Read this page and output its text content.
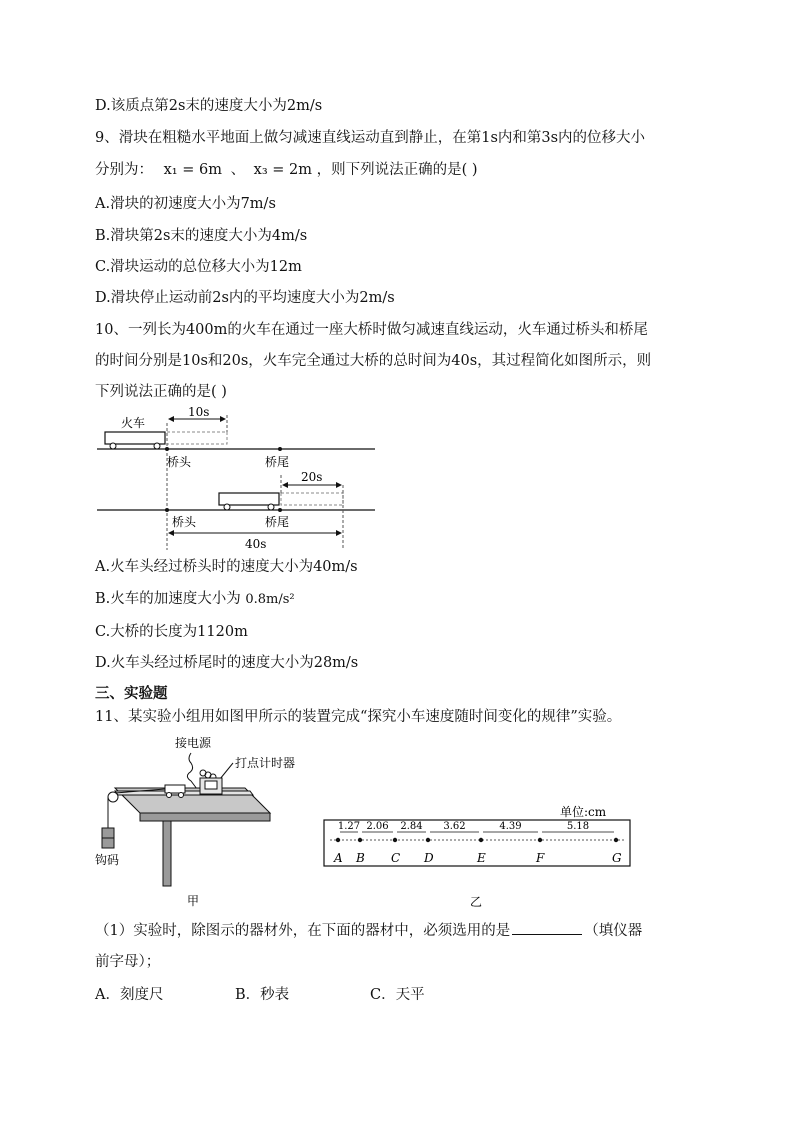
D.该质点第2s末的速度大小为2m/s
9、滑块在粗糙水平地面上做匀减速直线运动直到静止，在第1s内和第3s内的位移大小
分别为： x₁ = 6m 、 x₃ = 2m ，则下列说法正确的是( )
A.滑块的初速度大小为7m/s
B.滑块第2s末的速度大小为4m/s
C.滑块运动的总位移大小为12m
D.滑块停止运动前2s内的平均速度大小为2m/s
10、一列长为400m的火车在通过一座大桥时做匀减速直线运动，火车通过桥头和桥尾
的时间分别是10s和20s，火车完全通过大桥的总时间为40s，其过程简化如图所示，则
下列说法正确的是( )
火车
10s
桥头	桥尾
20s
桥头	桥尾
40s
A.火车头经过桥头时的速度大小为40m/s
B.火车的加速度大小为 0.8m/s²
C.大桥的长度为1120m
D.火车头经过桥尾时的速度大小为28m/s
三、实验题
11、某实验小组用如图甲所示的装置完成“探究小车速度随时间变化的规律”实验。
接电源
打点计时器
钩码
甲
单位:cm
A B C D	E	F	G
1.27 2.06 2.84 3.62	4.39	5.18
乙
（1）实验时，除图示的器材外，在下面的器材中，必须选用的是	（填仪器
前字母）；
A．刻度尺	B．秒表	C．天平
